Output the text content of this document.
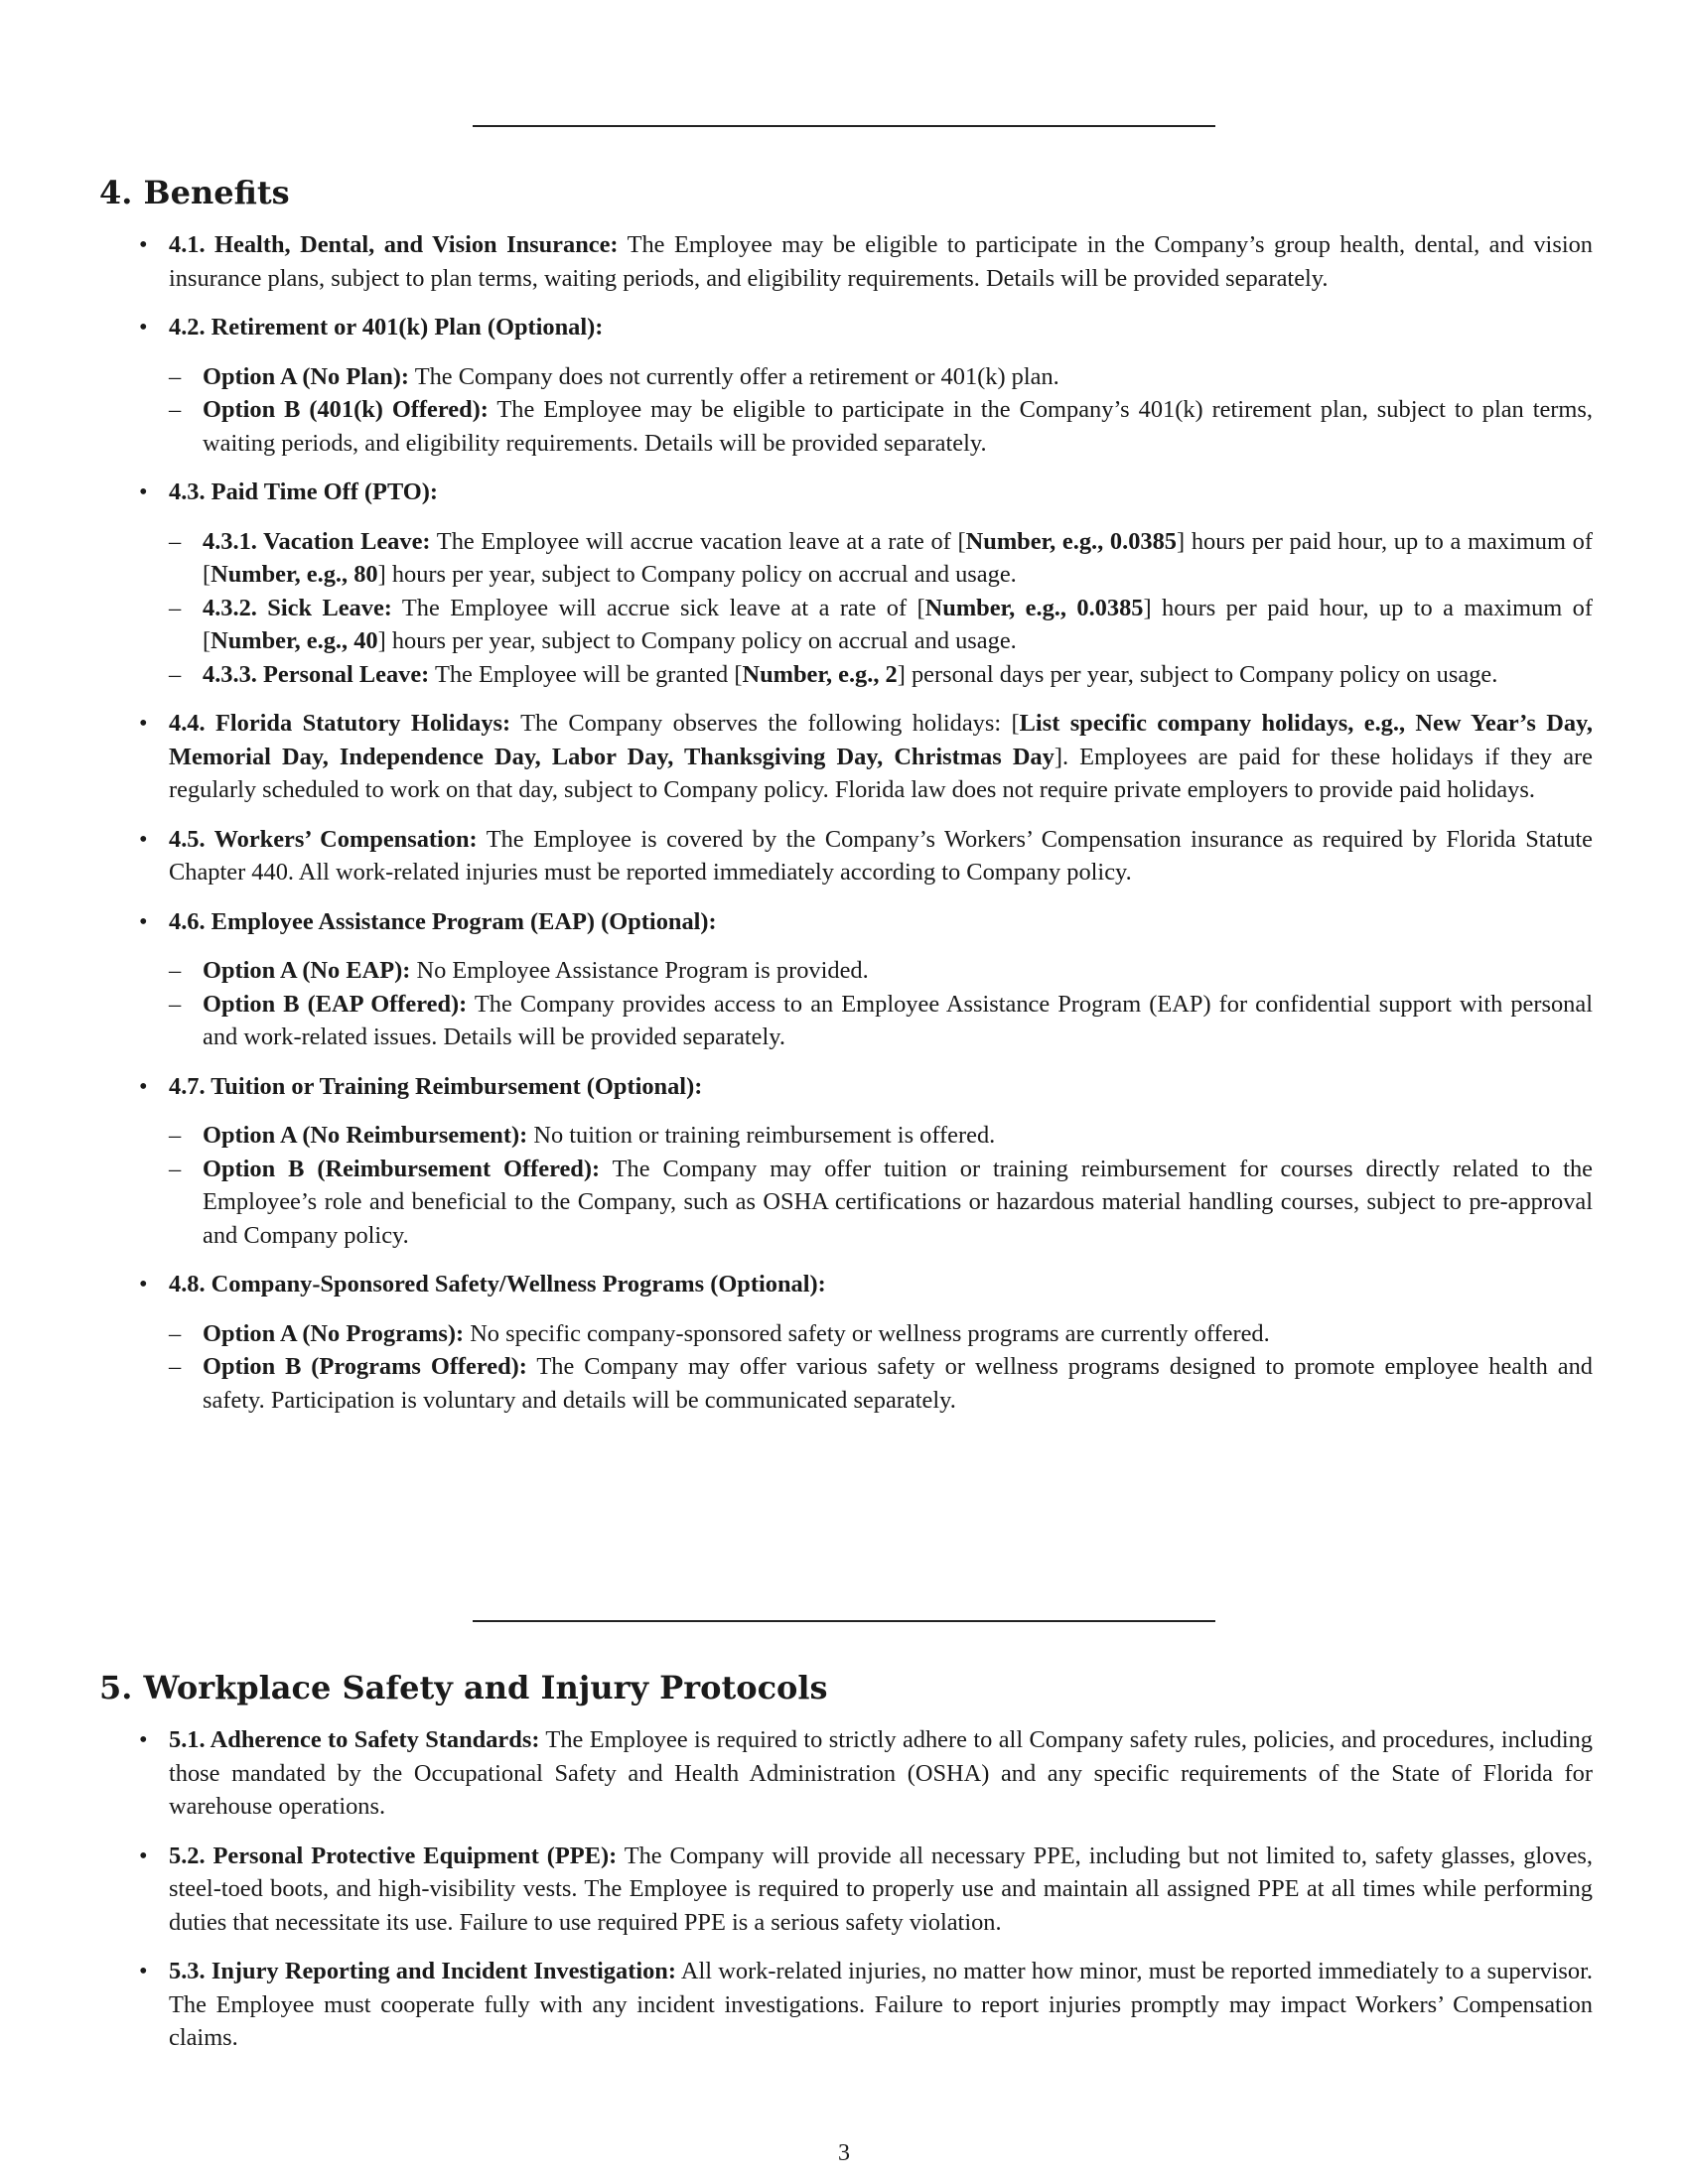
4. Benefits
• 4.1. Health, Dental, and Vision Insurance: The Employee may be eligible to participate in the Company’s group health, dental, and vision insurance plans, subject to plan terms, waiting periods, and eligibility requirements. Details will be provided separately.
• 4.2. Retirement or 401(k) Plan (Optional):
– Option A (No Plan): The Company does not currently offer a retirement or 401(k) plan.
– Option B (401(k) Offered): The Employee may be eligible to participate in the Company’s 401(k) retirement plan, subject to plan terms, waiting periods, and eligibility requirements. Details will be provided separately.
• 4.3. Paid Time Off (PTO):
– 4.3.1. Vacation Leave: The Employee will accrue vacation leave at a rate of [Number, e.g., 0.0385] hours per paid hour, up to a maximum of [Number, e.g., 80] hours per year, subject to Company policy on accrual and usage.
– 4.3.2. Sick Leave: The Employee will accrue sick leave at a rate of [Number, e.g., 0.0385] hours per paid hour, up to a maximum of [Number, e.g., 40] hours per year, subject to Company policy on accrual and usage.
– 4.3.3. Personal Leave: The Employee will be granted [Number, e.g., 2] personal days per year, subject to Company policy on usage.
• 4.4. Florida Statutory Holidays: The Company observes the following holidays: [List specific company holidays, e.g., New Year’s Day, Memorial Day, Independence Day, Labor Day, Thanksgiving Day, Christmas Day]. Employees are paid for these holidays if they are regularly scheduled to work on that day, subject to Company policy. Florida law does not require private employers to provide paid holidays.
• 4.5. Workers’ Compensation: The Employee is covered by the Company’s Workers’ Compensation insurance as required by Florida Statute Chapter 440. All work-related injuries must be reported immediately according to Company policy.
• 4.6. Employee Assistance Program (EAP) (Optional):
– Option A (No EAP): No Employee Assistance Program is provided.
– Option B (EAP Offered): The Company provides access to an Employee Assistance Program (EAP) for confidential support with personal and work-related issues. Details will be provided separately.
• 4.7. Tuition or Training Reimbursement (Optional):
– Option A (No Reimbursement): No tuition or training reimbursement is offered.
– Option B (Reimbursement Offered): The Company may offer tuition or training reimbursement for courses directly related to the Employee’s role and beneficial to the Company, such as OSHA certifications or hazardous material handling courses, subject to pre-approval and Company policy.
• 4.8. Company-Sponsored Safety/Wellness Programs (Optional):
– Option A (No Programs): No specific company-sponsored safety or wellness programs are currently offered.
– Option B (Programs Offered): The Company may offer various safety or wellness programs designed to promote employee health and safety. Participation is voluntary and details will be communicated separately.
5. Workplace Safety and Injury Protocols
• 5.1. Adherence to Safety Standards: The Employee is required to strictly adhere to all Company safety rules, policies, and procedures, including those mandated by the Occupational Safety and Health Administration (OSHA) and any specific requirements of the State of Florida for warehouse operations.
• 5.2. Personal Protective Equipment (PPE): The Company will provide all necessary PPE, including but not limited to, safety glasses, gloves, steel-toed boots, and high-visibility vests. The Employee is required to properly use and maintain all assigned PPE at all times while performing duties that necessitate its use. Failure to use required PPE is a serious safety violation.
• 5.3. Injury Reporting and Incident Investigation: All work-related injuries, no matter how minor, must be reported immediately to a supervisor. The Employee must cooperate fully with any incident investigations. Failure to report injuries promptly may impact Workers’ Compensation claims.
3
